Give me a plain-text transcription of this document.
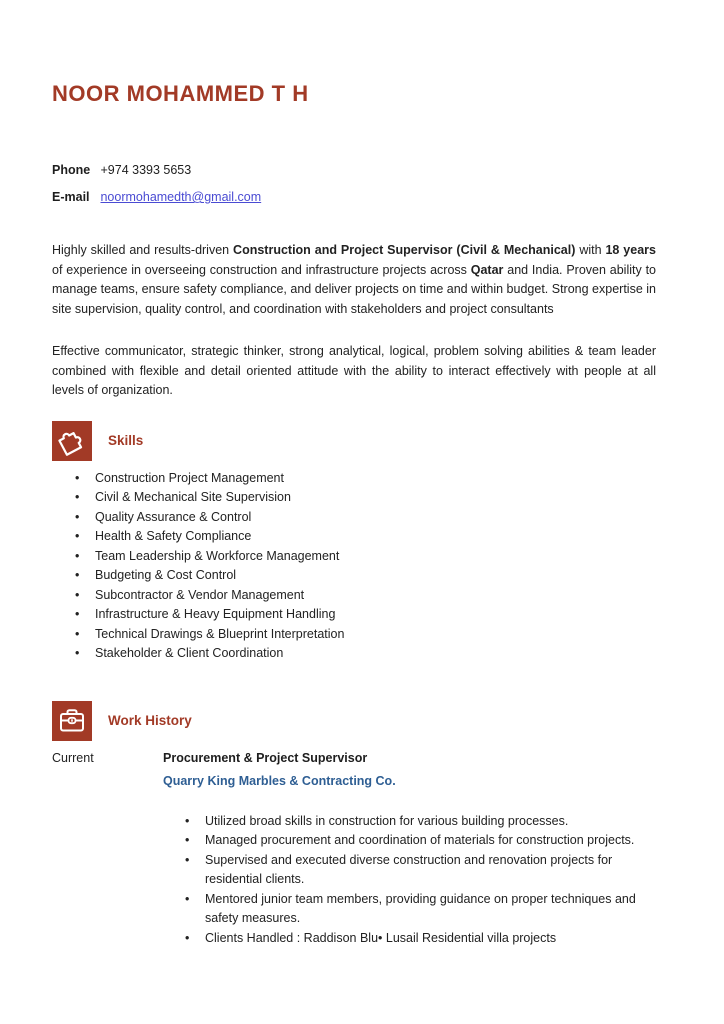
NOOR MOHAMMED T H
Phone +974 3393 5653
E-mail noormohamedth@gmail.com

Highly skilled and results-driven Construction and Project Supervisor (Civil & Mechanical) with 18 years of experience in overseeing construction and infrastructure projects across Qatar and India. Proven ability to manage teams, ensure safety compliance, and deliver projects on time and within budget. Strong expertise in site supervision, quality control, and coordination with stakeholders and project consultants

Effective communicator, strategic thinker, strong analytical, logical, problem solving abilities & team leader combined with flexible and detail oriented attitude with the ability to interact effectively with people at all levels of organization.

Skills
• Construction Project Management
• Civil & Mechanical Site Supervision
• Quality Assurance & Control
• Health & Safety Compliance
• Team Leadership & Workforce Management
• Budgeting & Cost Control
• Subcontractor & Vendor Management
• Infrastructure & Heavy Equipment Handling
• Technical Drawings & Blueprint Interpretation
• Stakeholder & Client Coordination
Work History
Current	Procurement & Project Supervisor
Quarry King Marbles & Contracting Co.
• Utilized broad skills in construction for various building processes.
• Managed procurement and coordination of materials for construction projects.
• Supervised and executed diverse construction and renovation projects for residential clients.
• Mentored junior team members, providing guidance on proper techniques and safety measures.
• Clients Handled : Raddison Blu• Lusail Residential villa projects
